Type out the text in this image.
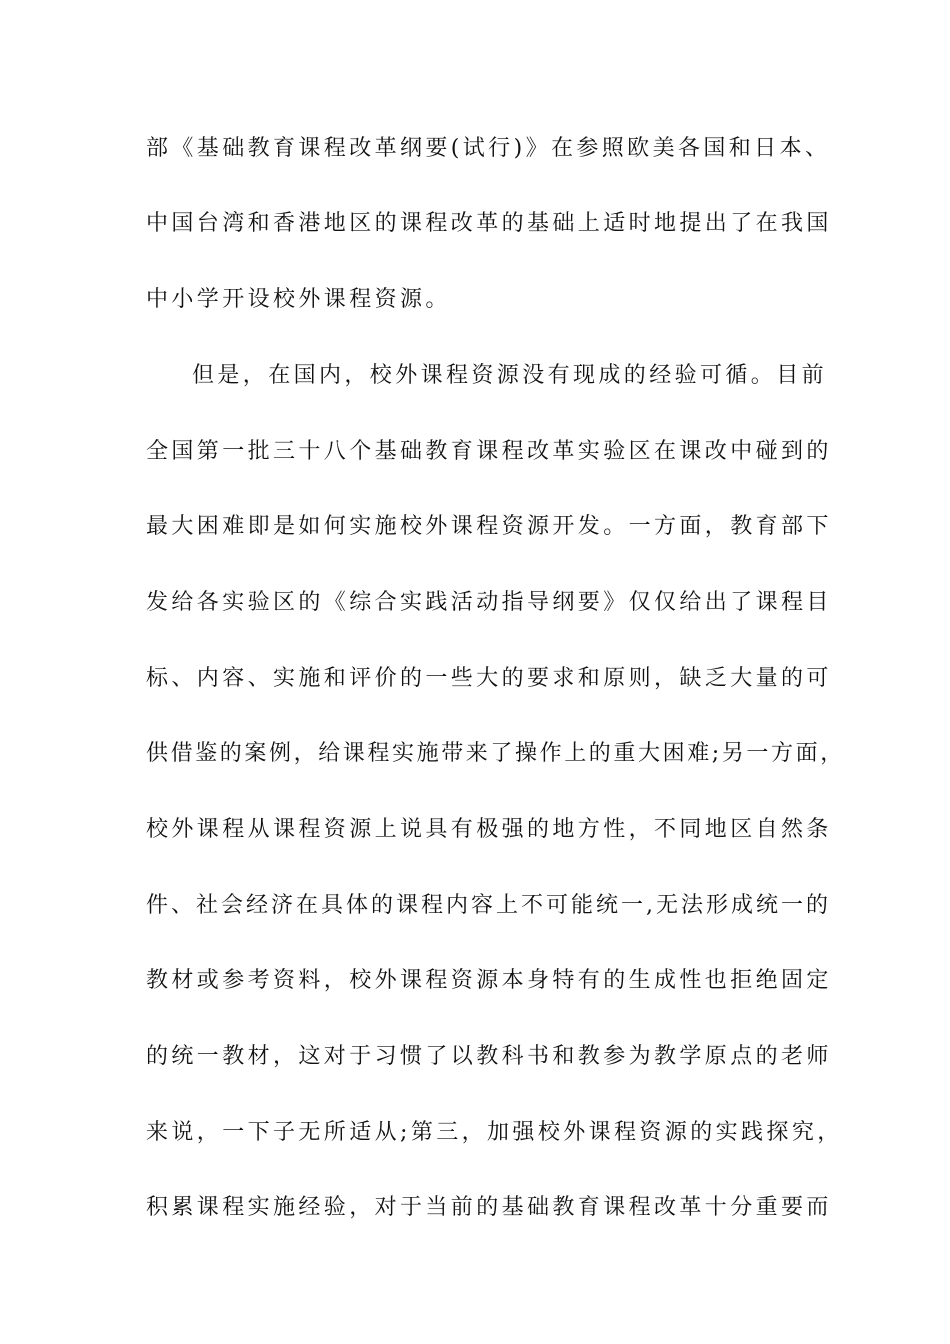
部《基础教育课程改革纲要(试行)》在参照欧美各国和日本、
中国台湾和香港地区的课程改革的基础上适时地提出了在我国
中小学开设校外课程资源。
但是，在国内，校外课程资源没有现成的经验可循。目前
全国第一批三十八个基础教育课程改革实验区在课改中碰到的
最大困难即是如何实施校外课程资源开发。一方面，教育部下
发给各实验区的《综合实践活动指导纲要》仅仅给出了课程目
标、内容、实施和评价的一些大的要求和原则，缺乏大量的可
供借鉴的案例，给课程实施带来了操作上的重大困难;另一方面，
校外课程从课程资源上说具有极强的地方性，不同地区自然条
件、社会经济在具体的课程内容上不可能统一,无法形成统一的
教材或参考资料，校外课程资源本身特有的生成性也拒绝固定
的统一教材，这对于习惯了以教科书和教参为教学原点的老师
来说，一下子无所适从;第三，加强校外课程资源的实践探究，
积累课程实施经验，对于当前的基础教育课程改革十分重要而
